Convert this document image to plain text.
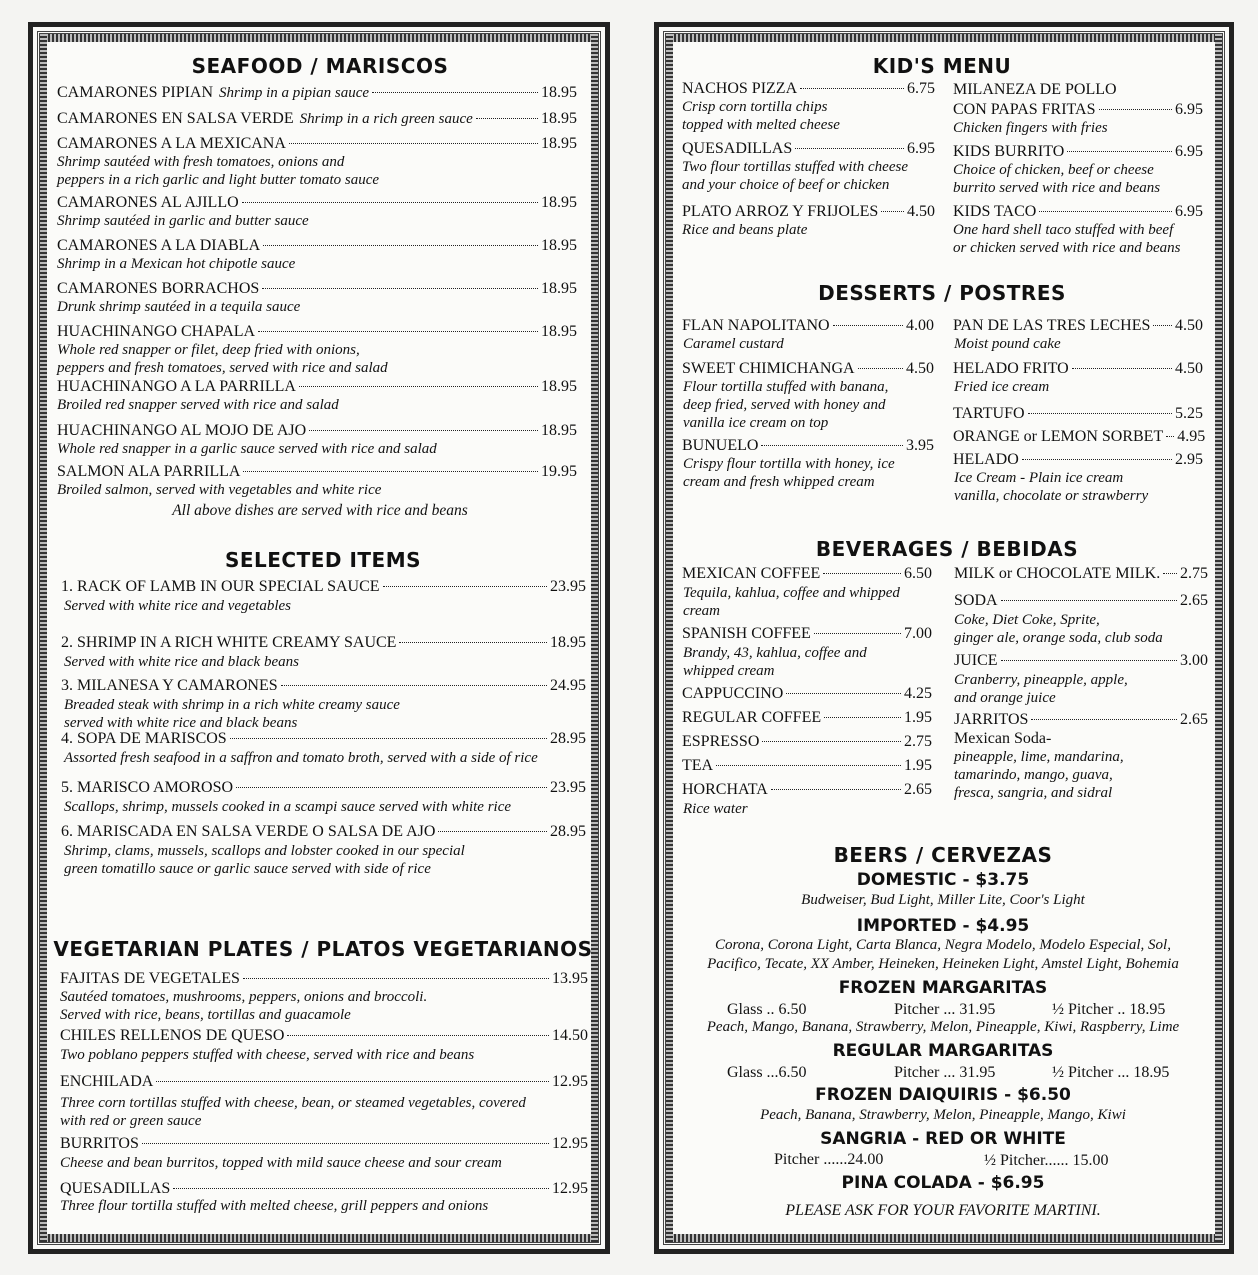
SEAFOOD / MARISCOS
CAMARONES PIPIAN Shrimp in a pipian sauce	18.95
CAMARONES EN SALSA VERDE Shrimp in a rich green sauce	18.95
CAMARONES A LA MEXICANA	18.95
Shrimp sautéed with fresh tomatoes, onions and
peppers in a rich garlic and light butter tomato sauce
CAMARONES AL AJILLO	18.95
Shrimp sautéed in garlic and butter sauce
CAMARONES A LA DIABLA	18.95
Shrimp in a Mexican hot chipotle sauce
CAMARONES BORRACHOS	18.95
Drunk shrimp sautéed in a tequila sauce
HUACHINANGO CHAPALA	18.95
Whole red snapper or filet, deep fried with onions,
peppers and fresh tomatoes, served with rice and salad
HUACHINANGO A LA PARRILLA	18.95
Broiled red snapper served with rice and salad
HUACHINANGO AL MOJO DE AJO	18.95
Whole red snapper in a garlic sauce served with rice and salad
SALMON ALA PARRILLA	19.95
Broiled salmon, served with vegetables and white rice
All above dishes are served with rice and beans
SELECTED ITEMS
1. RACK OF LAMB IN OUR SPECIAL SAUCE	23.95
Served with white rice and vegetables
2. SHRIMP IN A RICH WHITE CREAMY SAUCE	18.95
Served with white rice and black beans
3. MILANESA Y CAMARONES	24.95
Breaded steak with shrimp in a rich white creamy sauce
served with white rice and black beans
4. SOPA DE MARISCOS	28.95
Assorted fresh seafood in a saffron and tomato broth, served with a side of rice
5. MARISCO AMOROSO	23.95
Scallops, shrimp, mussels cooked in a scampi sauce served with white rice
6. MARISCADA EN SALSA VERDE O SALSA DE AJO	28.95
Shrimp, clams, mussels, scallops and lobster cooked in our special
green tomatillo sauce or garlic sauce served with side of rice
VEGETARIAN PLATES / PLATOS VEGETARIANOS
FAJITAS DE VEGETALES	13.95
Sautéed tomatoes, mushrooms, peppers, onions and broccoli.
Served with rice, beans, tortillas and guacamole
CHILES RELLENOS DE QUESO	14.50
Two poblano peppers stuffed with cheese, served with rice and beans
ENCHILADA	12.95
Three corn tortillas stuffed with cheese, bean, or steamed vegetables, covered
with red or green sauce
BURRITOS	12.95
Cheese and bean burritos, topped with mild sauce cheese and sour cream
QUESADILLAS	12.95
Three flour tortilla stuffed with melted cheese, grill peppers and onions
KID'S MENU
NACHOS PIZZA	6.75
Crisp corn tortilla chips
topped with melted cheese
QUESADILLAS	6.95
Two flour tortillas stuffed with cheese
and your choice of beef or chicken
PLATO ARROZ Y FRIJOLES 4.50
Rice and beans plate
MILANEZA DE POLLO
CON PAPAS FRITAS	6.95
Chicken fingers with fries
KIDS BURRITO	6.95
Choice of chicken, beef or cheese
burrito served with rice and beans
KIDS TACO	6.95
One hard shell taco stuffed with beef
or chicken served with rice and beans
DESSERTS / POSTRES
FLAN NAPOLITANO	4.00
Caramel custard
SWEET CHIMICHANGA	4.50
Flour tortilla stuffed with banana,
deep fried, served with honey and
vanilla ice cream on top
BUNUELO	3.95
Crispy flour tortilla with honey, ice
cream and fresh whipped cream
PAN DE LAS TRES LECHES 4.50
Moist pound cake
HELADO FRITO	4.50
Fried ice cream
TARTUFO	5.25
ORANGE or LEMON SORBET 4.95
HELADO	2.95
Ice Cream - Plain ice cream
vanilla, chocolate or strawberry
BEVERAGES / BEBIDAS
MEXICAN COFFEE	6.50
Tequila, kahlua, coffee and whipped
cream
SPANISH COFFEE	7.00
Brandy, 43, kahlua, coffee and
whipped cream
CAPPUCCINO	4.25
REGULAR COFFEE	1.95
ESPRESSO	2.75
TEA	1.95
HORCHATA	2.65
Rice water
MILK or CHOCOLATE MILK. 2.75
SODA	2.65
Coke, Diet Coke, Sprite,
ginger ale, orange soda, club soda
JUICE	3.00
Cranberry, pineapple, apple,
and orange juice
JARRITOS	2.65
Mexican Soda-
pineapple, lime, mandarina,
tamarindo, mango, guava,
fresca, sangria, and sidral
BEERS / CERVEZAS
DOMESTIC - $3.75
Budweiser, Bud Light, Miller Lite, Coor's Light
IMPORTED - $4.95
Corona, Corona Light, Carta Blanca, Negra Modelo, Modelo Especial, Sol,
Pacifico, Tecate, XX Amber, Heineken, Heineken Light, Amstel Light, Bohemia
FROZEN MARGARITAS
Glass .. 6.50	Pitcher ... 31.95	½ Pitcher .. 18.95
Peach, Mango, Banana, Strawberry, Melon, Pineapple, Kiwi, Raspberry, Lime
REGULAR MARGARITAS
Glass ...6.50	Pitcher ... 31.95	½ Pitcher ... 18.95
FROZEN DAIQUIRIS - $6.50
Peach, Banana, Strawberry, Melon, Pineapple, Mango, Kiwi
SANGRIA - RED OR WHITE
Pitcher ......24.00	½ Pitcher...... 15.00
PINA COLADA - $6.95
PLEASE ASK FOR YOUR FAVORITE MARTINI.
